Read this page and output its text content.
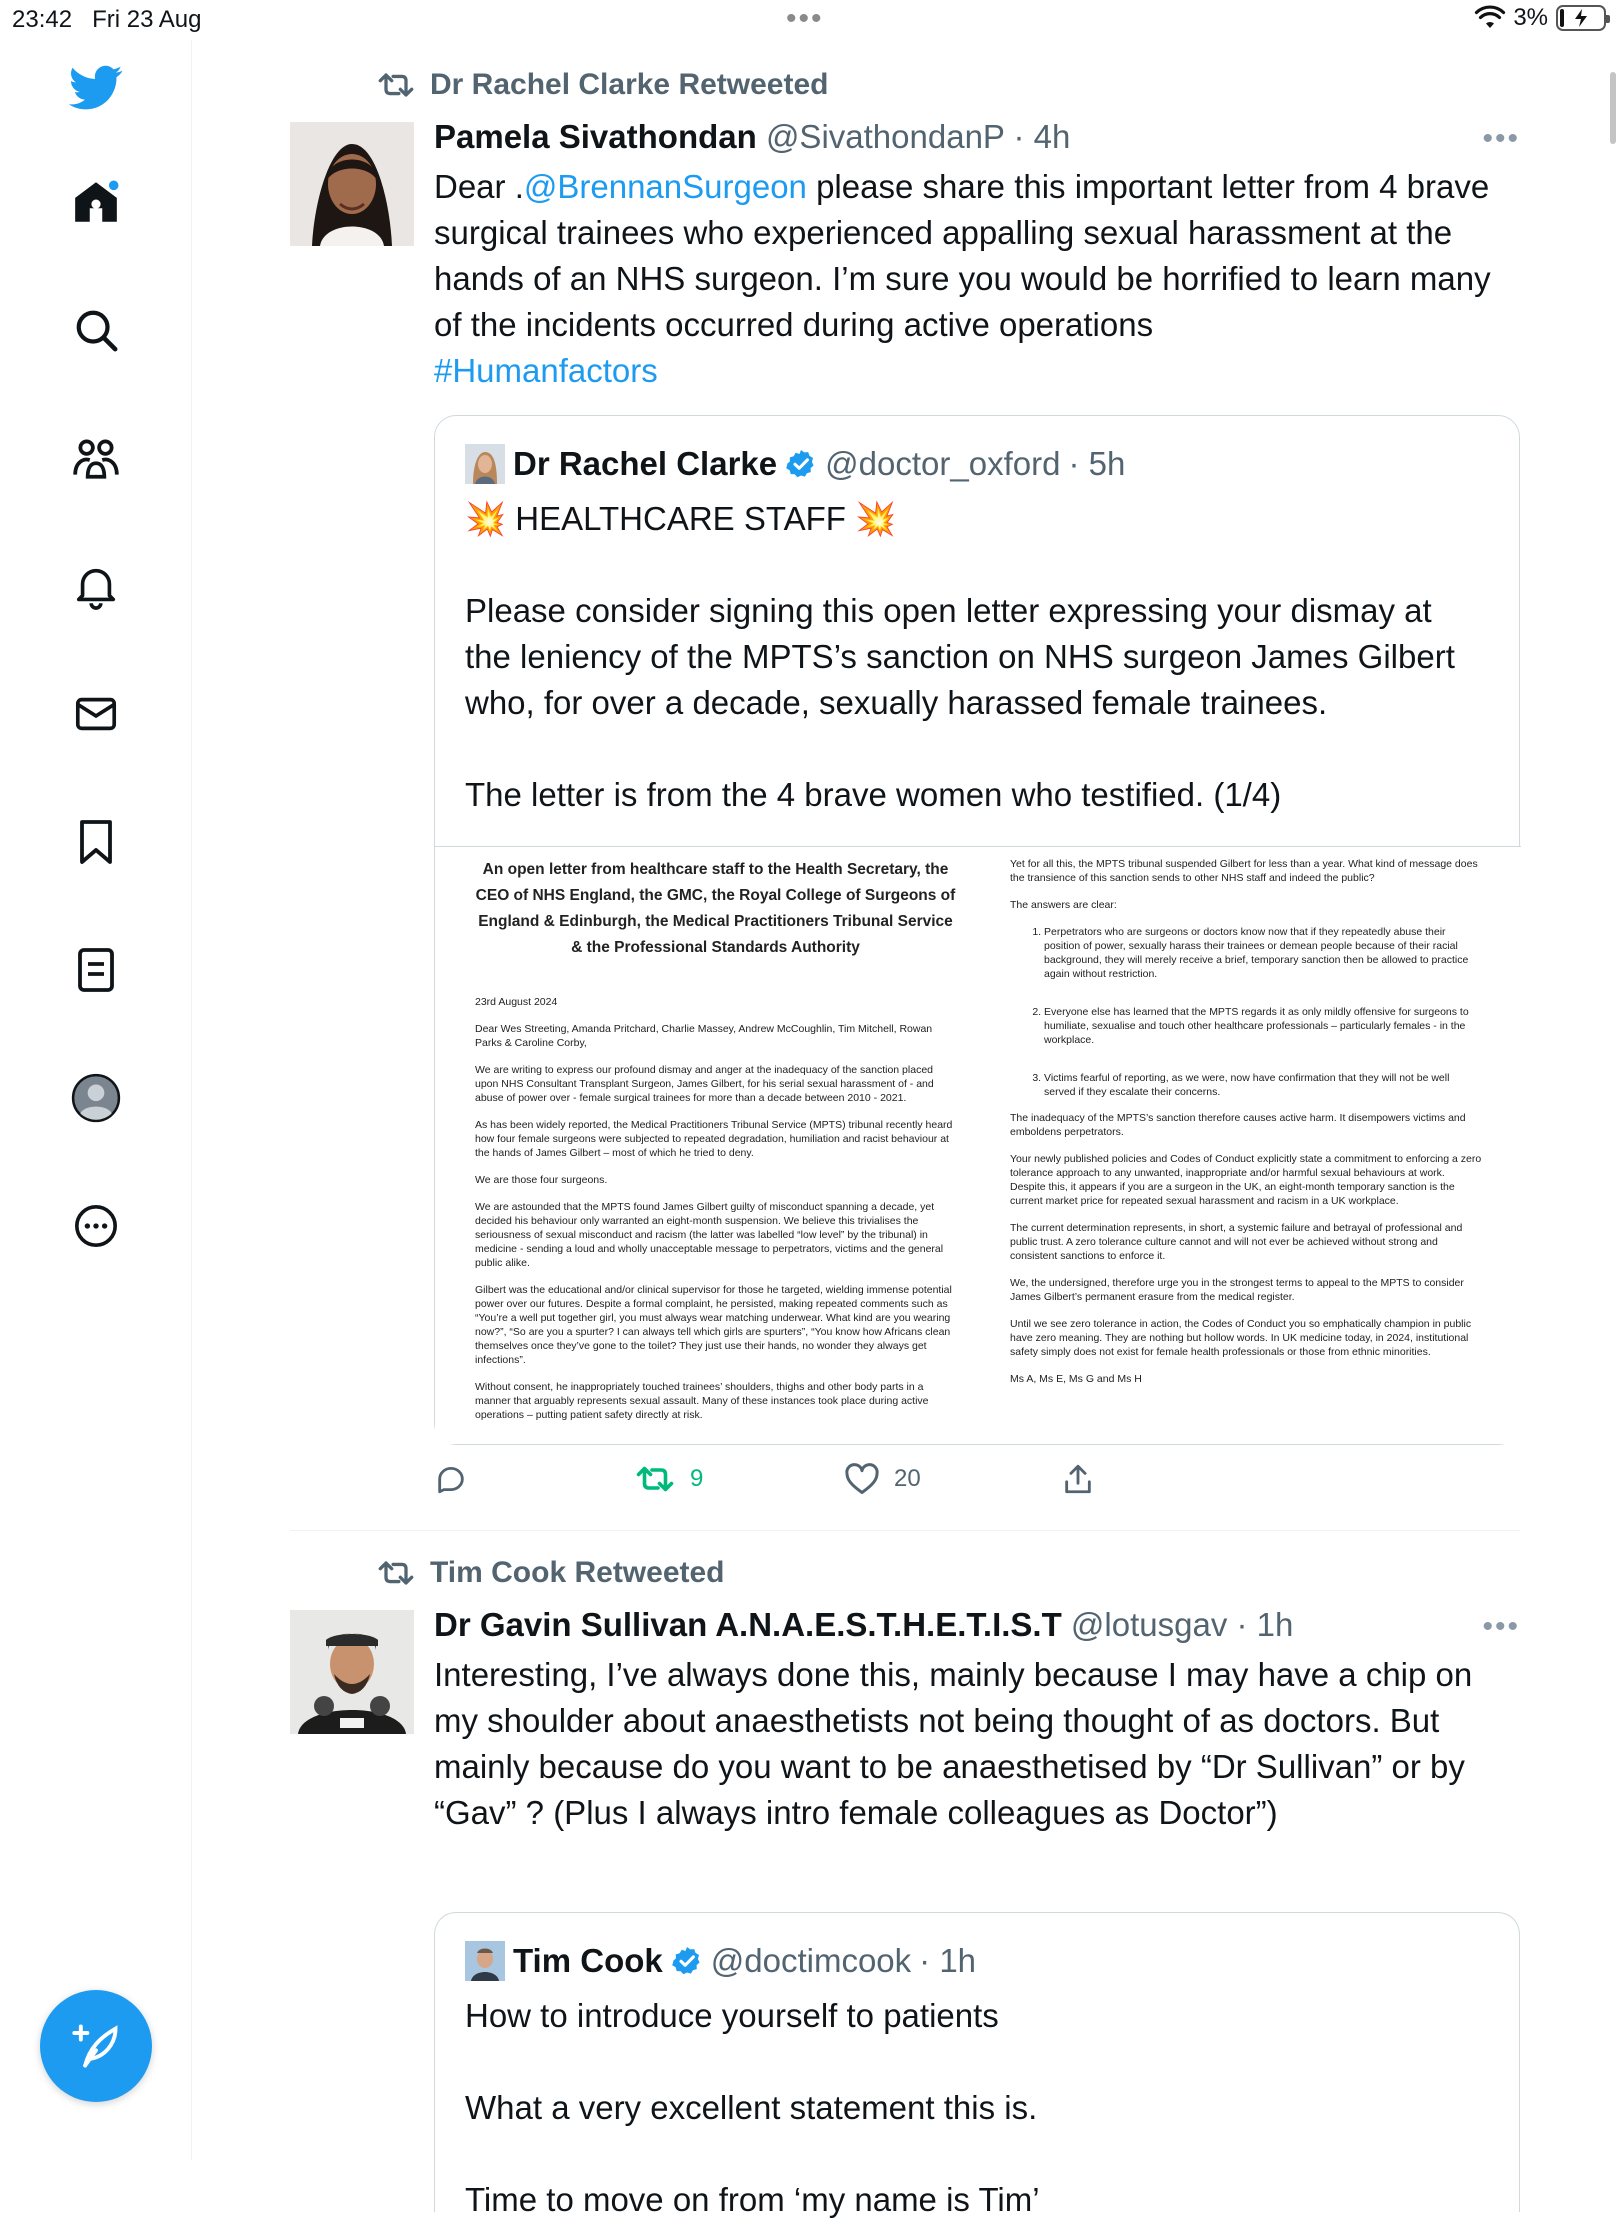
23:42 Fri 23 Aug	•••	3%
Dr Rachel Clarke Retweeted
Pamela Sivathondan @SivathondanP · 4h	•••
Dear .@BrennanSurgeon please share this important letter from 4 brave surgical trainees who experienced appalling sexual harassment at the hands of an NHS surgeon. I’m sure you would be horrified to learn many of the incidents occurred during active operations
#Humanfactors
Dr Rachel Clarke @doctor_oxford · 5h
💥 HEALTHCARE STAFF 💥
Please consider signing this open letter expressing your dismay at the leniency of the MPTS’s sanction on NHS surgeon James Gilbert who, for over a decade, sexually harassed female trainees.
The letter is from the 4 brave women who testified. (1/4)
An open letter from healthcare staff to the Health Secretary, the CEO of NHS England, the GMC, the Royal College of Surgeons of England & Edinburgh, the Medical Practitioners Tribunal Service & the Professional Standards Authority

23rd August 2024

Dear Wes Streeting, Amanda Pritchard, Charlie Massey, Andrew McCoughlin, Tim Mitchell, Rowan Parks & Caroline Corby,

We are writing to express our profound dismay and anger at the inadequacy of the sanction placed upon NHS Consultant Transplant Surgeon, James Gilbert, for his serial sexual harassment of - and abuse of power over - female surgical trainees for more than a decade between 2010 - 2021.

As has been widely reported, the Medical Practitioners Tribunal Service (MPTS) tribunal recently heard how four female surgeons were subjected to repeated degradation, humiliation and racist behaviour at the hands of James Gilbert – most of which he tried to deny.

We are those four surgeons.

We are astounded that the MPTS found James Gilbert guilty of misconduct spanning a decade, yet decided his behaviour only warranted an eight-month suspension. We believe this trivialises the seriousness of sexual misconduct and racism (the latter was labelled “low level” by the tribunal) in medicine - sending a loud and wholly unacceptable message to perpetrators, victims and the general public alike.

Gilbert was the educational and/or clinical supervisor for those he targeted, wielding immense potential power over our futures. Despite a formal complaint, he persisted, making repeated comments such as “You’re a well put together girl, you must always wear matching underwear. What kind are you wearing now?”, “So are you a spurter? I can always tell which girls are spurters”, “You know how Africans clean themselves once they’ve gone to the toilet? They just use their hands, no wonder they always get infections”.

Without consent, he inappropriately touched trainees’ shoulders, thighs and other body parts in a manner that arguably represents sexual assault. Many of these instances took place during active operations – putting patient safety directly at risk.

Yet for all this, the MPTS tribunal suspended Gilbert for less than a year. What kind of message does the transience of this sanction sends to other NHS staff and indeed the public?

The answers are clear:

1. Perpetrators who are surgeons or doctors know now that if they repeatedly abuse their position of power, sexually harass their trainees or demean people because of their racial background, they will merely receive a brief, temporary sanction then be allowed to practice again without restriction.
2. Everyone else has learned that the MPTS regards it as only mildly offensive for surgeons to humiliate, sexualise and touch other healthcare professionals – particularly females - in the workplace.
3. Victims fearful of reporting, as we were, now have confirmation that they will not be well served if they escalate their concerns.

The inadequacy of the MPTS’s sanction therefore causes active harm. It disempowers victims and emboldens perpetrators.

Your newly published policies and Codes of Conduct explicitly state a commitment to enforcing a zero tolerance approach to any unwanted, inappropriate and/or harmful sexual behaviours at work. Despite this, it appears if you are a surgeon in the UK, an eight-month temporary sanction is the current market price for repeated sexual harassment and racism in a UK workplace.

The current determination represents, in short, a systemic failure and betrayal of professional and public trust. A zero tolerance culture cannot and will not ever be achieved without strong and consistent sanctions to enforce it.

We, the undersigned, therefore urge you in the strongest terms to appeal to the MPTS to consider James Gilbert’s permanent erasure from the medical register.

Until we see zero tolerance in action, the Codes of Conduct you so emphatically champion in public have zero meaning. They are nothing but hollow words. In UK medicine today, in 2024, institutional safety simply does not exist for female health professionals or those from ethnic minorities.

Ms A, Ms E, Ms G and Ms H

9	20
Tim Cook Retweeted
Dr Gavin Sullivan A.N.A.E.S.T.H.E.T.I.S.T @lotusgav · 1h	•••
Interesting, I’ve always done this, mainly because I may have a chip on my shoulder about anaesthetists not being thought of as doctors. But mainly because do you want to be anaesthetised by “Dr Sullivan” or by “Gav” ? (Plus I always intro female colleagues as Doctor”)
Tim Cook @doctimcook · 1h
How to introduce yourself to patients
What a very excellent statement this is.
Time to move on from ‘my name is Tim’
